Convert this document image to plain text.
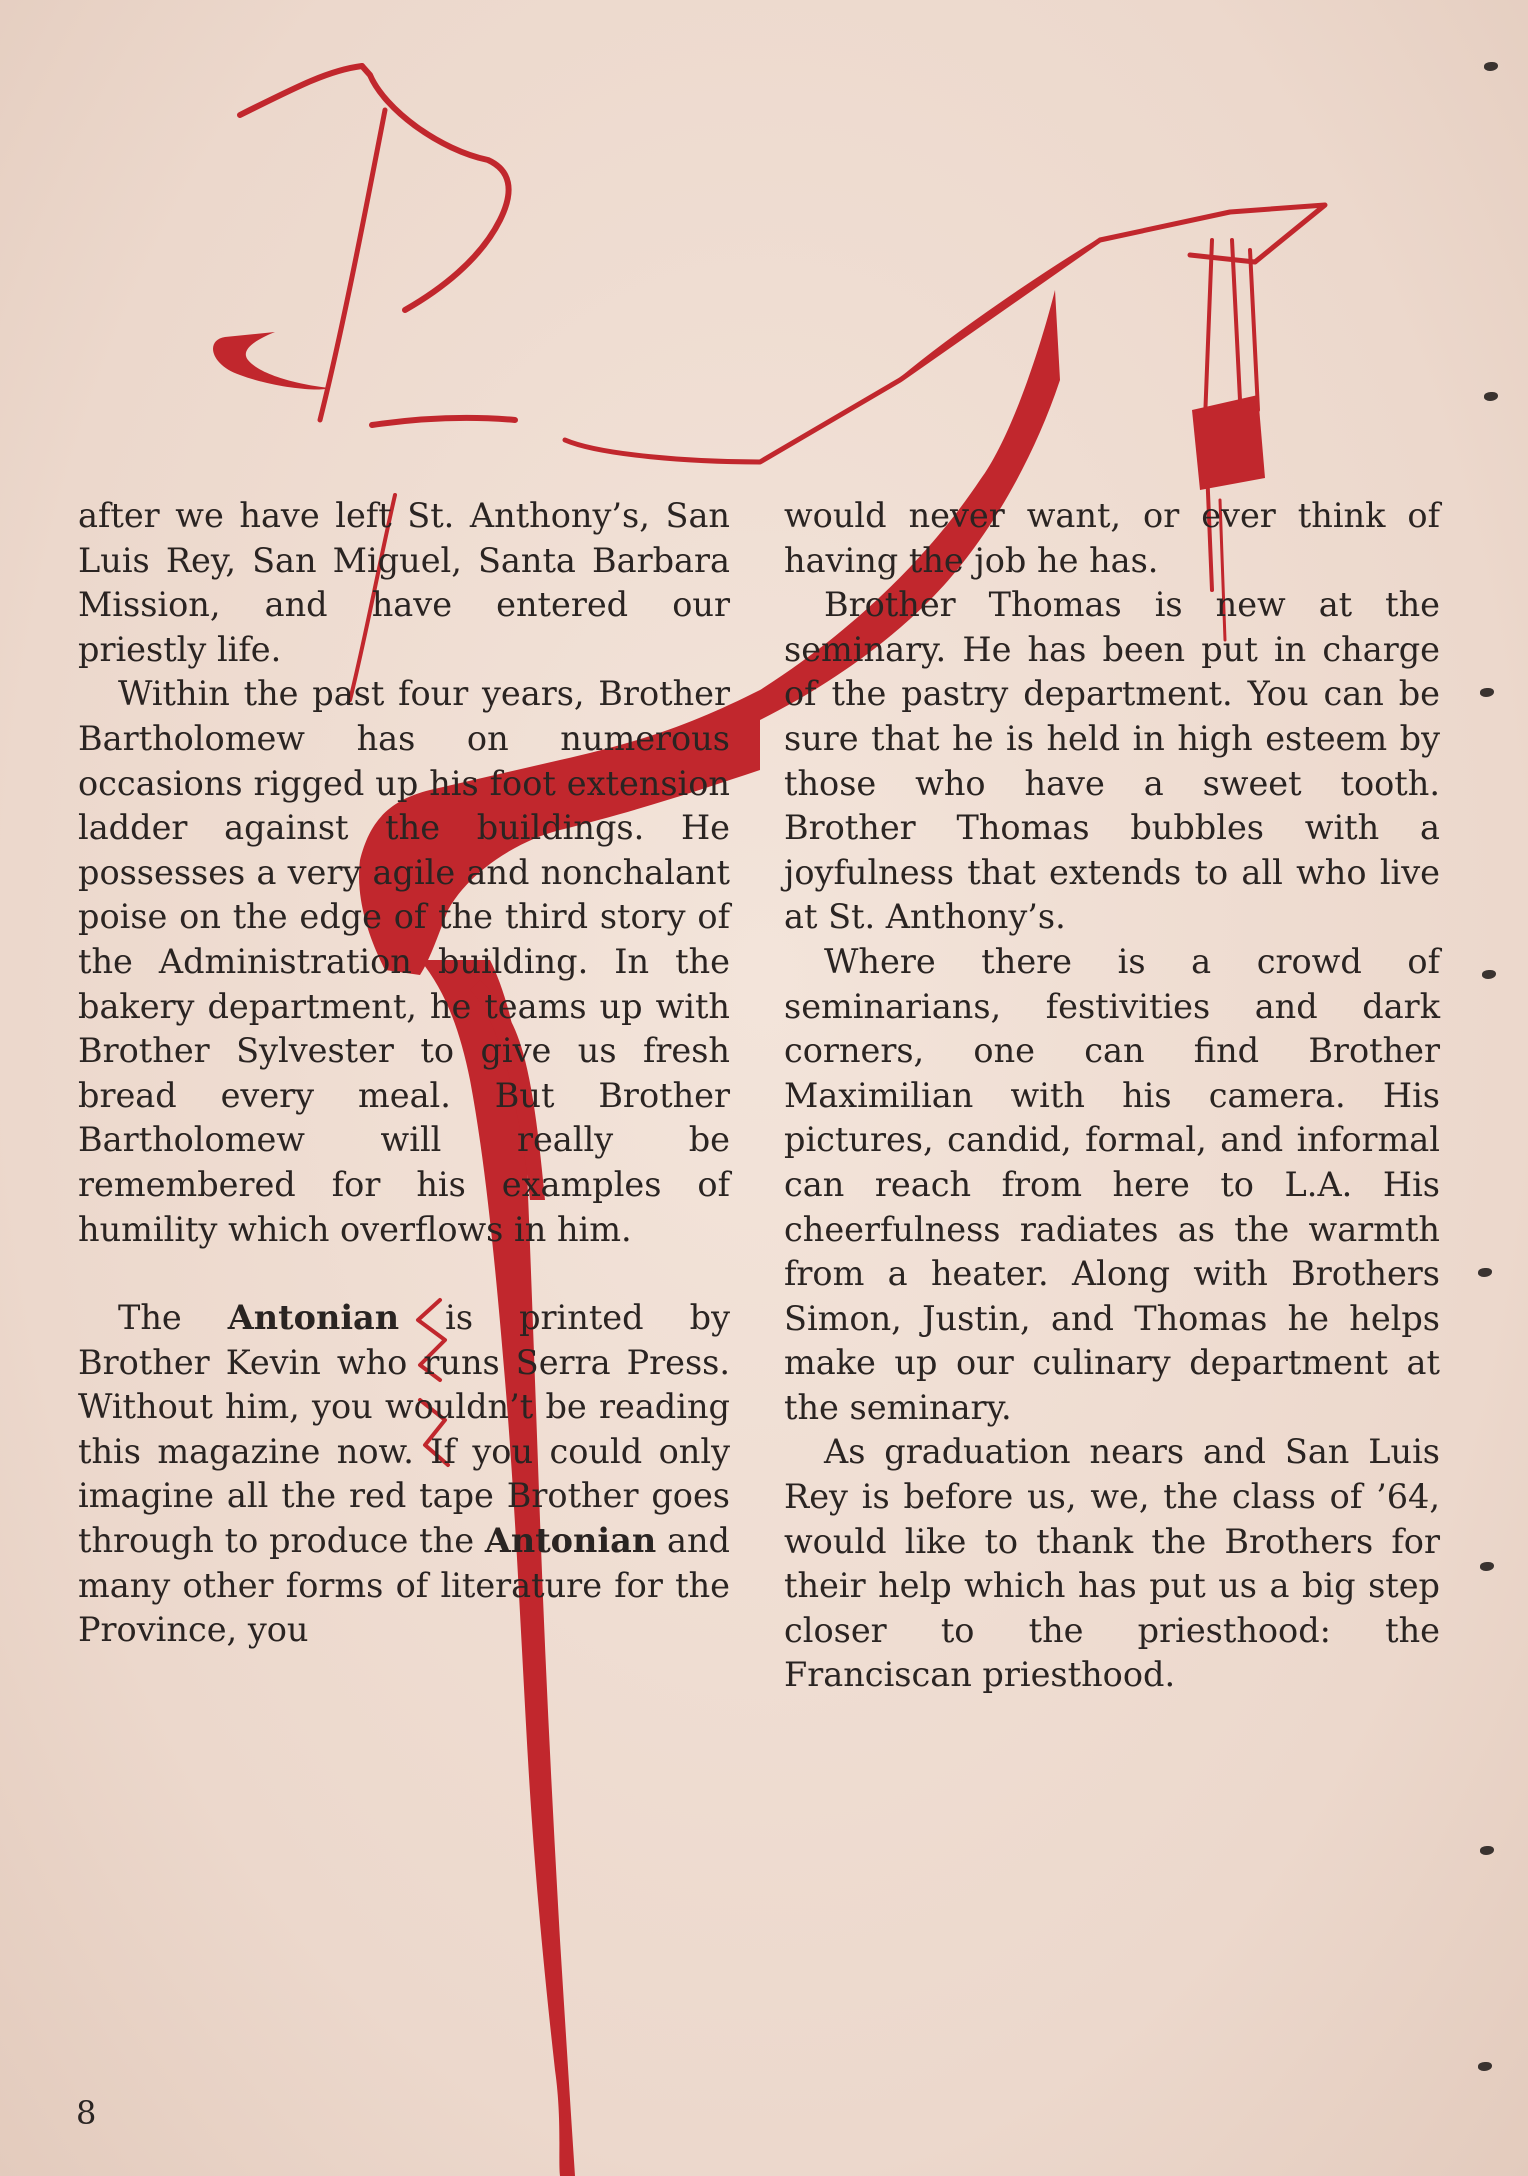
after we have left St. Anthony’s, San Luis Rey, San Miguel, Santa Barbara Mission, and have entered our priestly life.

Within the past four years, Brother Bartholomew has on numerous occasions rigged up his foot extension ladder against the buildings. He possesses a very agile and nonchalant poise on the edge of the third story of the Administration building. In the bakery department, he teams up with Brother Sylvester to give us fresh bread every meal. But Brother Bartholomew will really be remembered for his examples of humility which overflows in him.

The Antonian is printed by Brother Kevin who runs Serra Press. Without him, you wouldn’t be reading this magazine now. If you could only imagine all the red tape Brother goes through to produce the Antonian and many other forms of literature for the Province, you

would never want, or ever think of having the job he has.

Brother Thomas is new at the seminary. He has been put in charge of the pastry department. You can be sure that he is held in high esteem by those who have a sweet tooth. Brother Thomas bubbles with a joyfulness that extends to all who live at St. Anthony’s.

Where there is a crowd of seminarians, festivities and dark corners, one can find Brother Maximilian with his camera. His pictures, candid, formal, and informal can reach from here to L.A. His cheerfulness radiates as the warmth from a heater. Along with Brothers Simon, Justin, and Thomas he helps make up our culinary department at the seminary.

As graduation nears and San Luis Rey is before us, we, the class of ’64, would like to thank the Brothers for their help which has put us a big step closer to the priesthood: the Franciscan priesthood.

8
